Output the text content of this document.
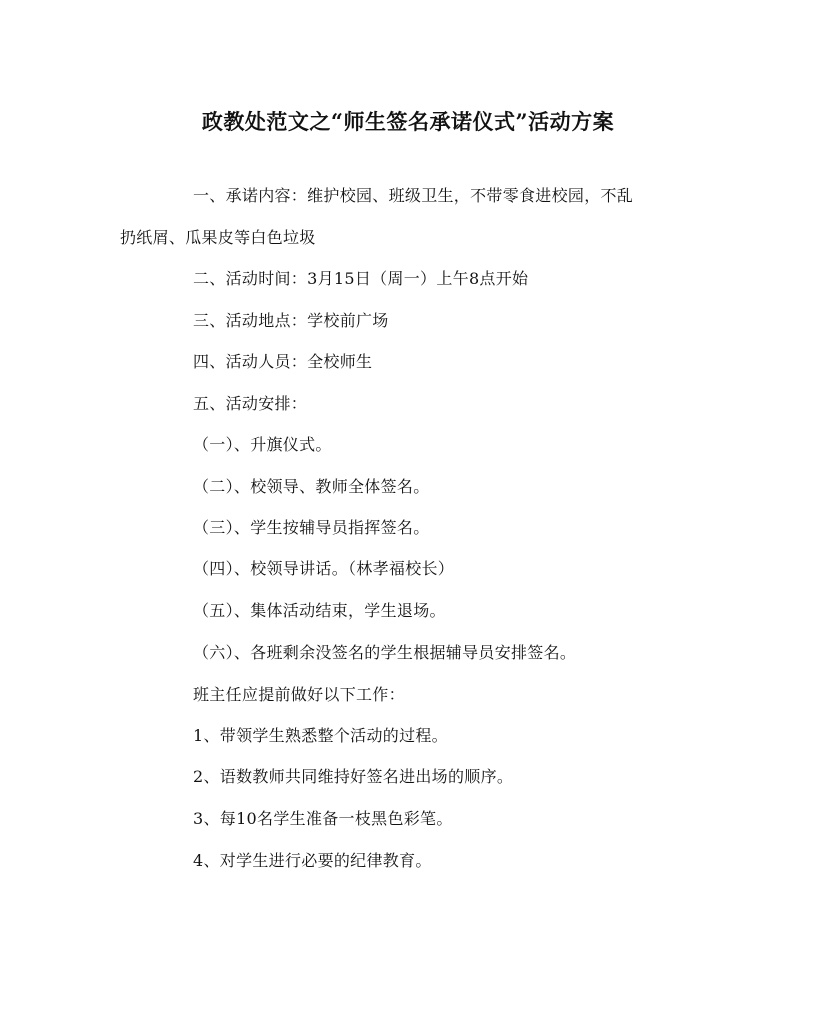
政教处范文之“师生签名承诺仪式”活动方案
一、承诺内容：维护校园、班级卫生，不带零食进校园，不乱
扔纸屑、瓜果皮等白色垃圾
二、活动时间：3月15日（周一）上午8点开始
三、活动地点：学校前广场
四、活动人员：全校师生
五、活动安排：
（一）、升旗仪式。
（二）、校领导、教师全体签名。
（三）、学生按辅导员指挥签名。
（四）、校领导讲话。（林孝福校长）
（五）、集体活动结束，学生退场。
（六）、各班剩余没签名的学生根据辅导员安排签名。
班主任应提前做好以下工作：
1、带领学生熟悉整个活动的过程。
2、语数教师共同维持好签名进出场的顺序。
3、每10名学生准备一枝黑色彩笔。
4、对学生进行必要的纪律教育。
